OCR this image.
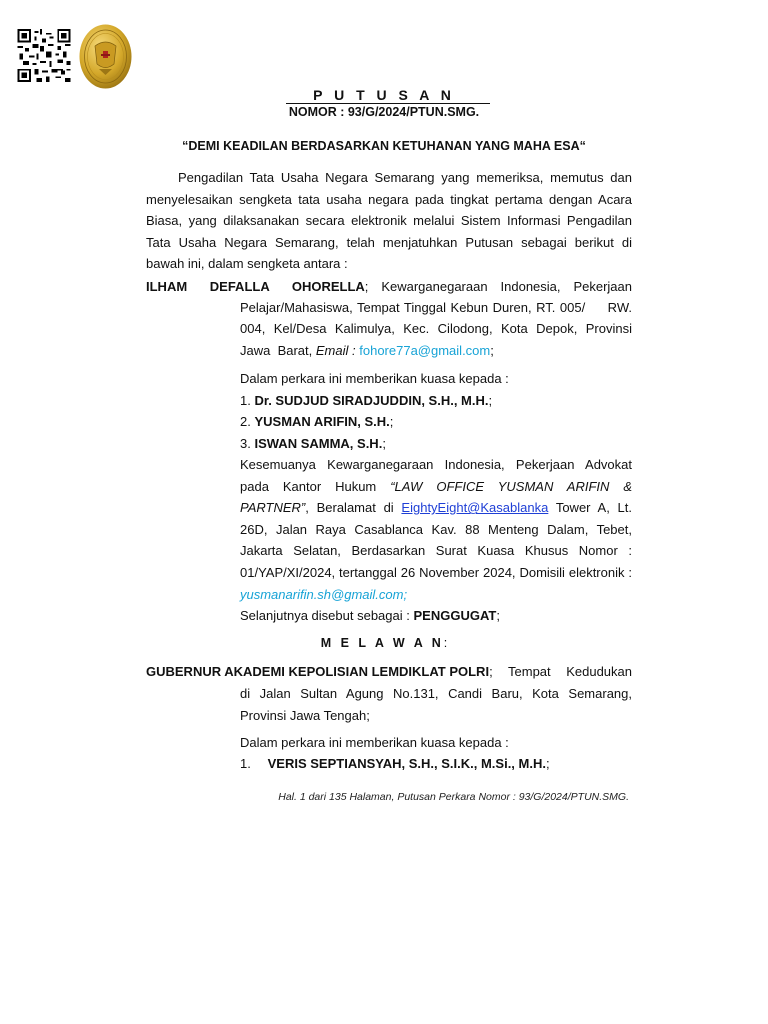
P U T U S A N
NOMOR : 93/G/2024/PTUN.SMG.
“DEMI KEADILAN BERDASARKAN KETUHANAN YANG MAHA ESA“
Pengadilan Tata Usaha Negara Semarang yang memeriksa, memutus dan menyelesaikan sengketa tata usaha negara pada tingkat pertama dengan Acara Biasa, yang dilaksanakan secara elektronik melalui Sistem Informasi Pengadilan Tata Usaha Negara Semarang, telah menjatuhkan Putusan sebagai berikut di bawah ini, dalam sengketa antara :
ILHAM DEFALLA OHORELLA ; Kewarganegaraan Indonesia, Pekerjaan
Pelajar/Mahasiswa, Tempat Tinggal Kebun Duren, RT. 005/     RW.
004, Kel/Desa Kalimulya, Kec. Cilodong, Kota Depok, Provinsi
Jawa  Barat, Email : fohore77a@gmail.com;
Dalam perkara ini memberikan kuasa kepada :
1. Dr. SUDJUD SIRADJUDDIN, S.H., M.H.;
2. YUSMAN ARIFIN, S.H.;
3. ISWAN SAMMA, S.H.;
Kesemuanya Kewarganegaraan Indonesia, Pekerjaan Advokat pada Kantor Hukum “LAW OFFICE YUSMAN ARIFIN & PARTNER”, Beralamat di EightyEight@Kasablanka Tower A, Lt. 26D, Jalan Raya Casablanca Kav. 88 Menteng Dalam, Tebet, Jakarta Selatan, Berdasarkan Surat Kuasa Khusus Nomor : 01/YAP/XI/2024, tertanggal 26 November 2024, Domisili elektronik : yusmanarifin.sh@gmail.com;
Selanjutnya disebut sebagai : PENGGUGAT;
M E L A W A N:
GUBERNUR AKADEMI KEPOLISIAN LEMDIKLAT POLRI ; Tempat Kedudukan
di Jalan Sultan Agung No.131, Candi Baru, Kota Semarang, Provinsi Jawa Tengah;
Dalam perkara ini memberikan kuasa kepada :
1. VERIS SEPTIANSYAH, S.H., S.I.K., M.Si., M.H.;
Hal. 1 dari 135 Halaman, Putusan Perkara Nomor : 93/G/2024/PTUN.SMG.
